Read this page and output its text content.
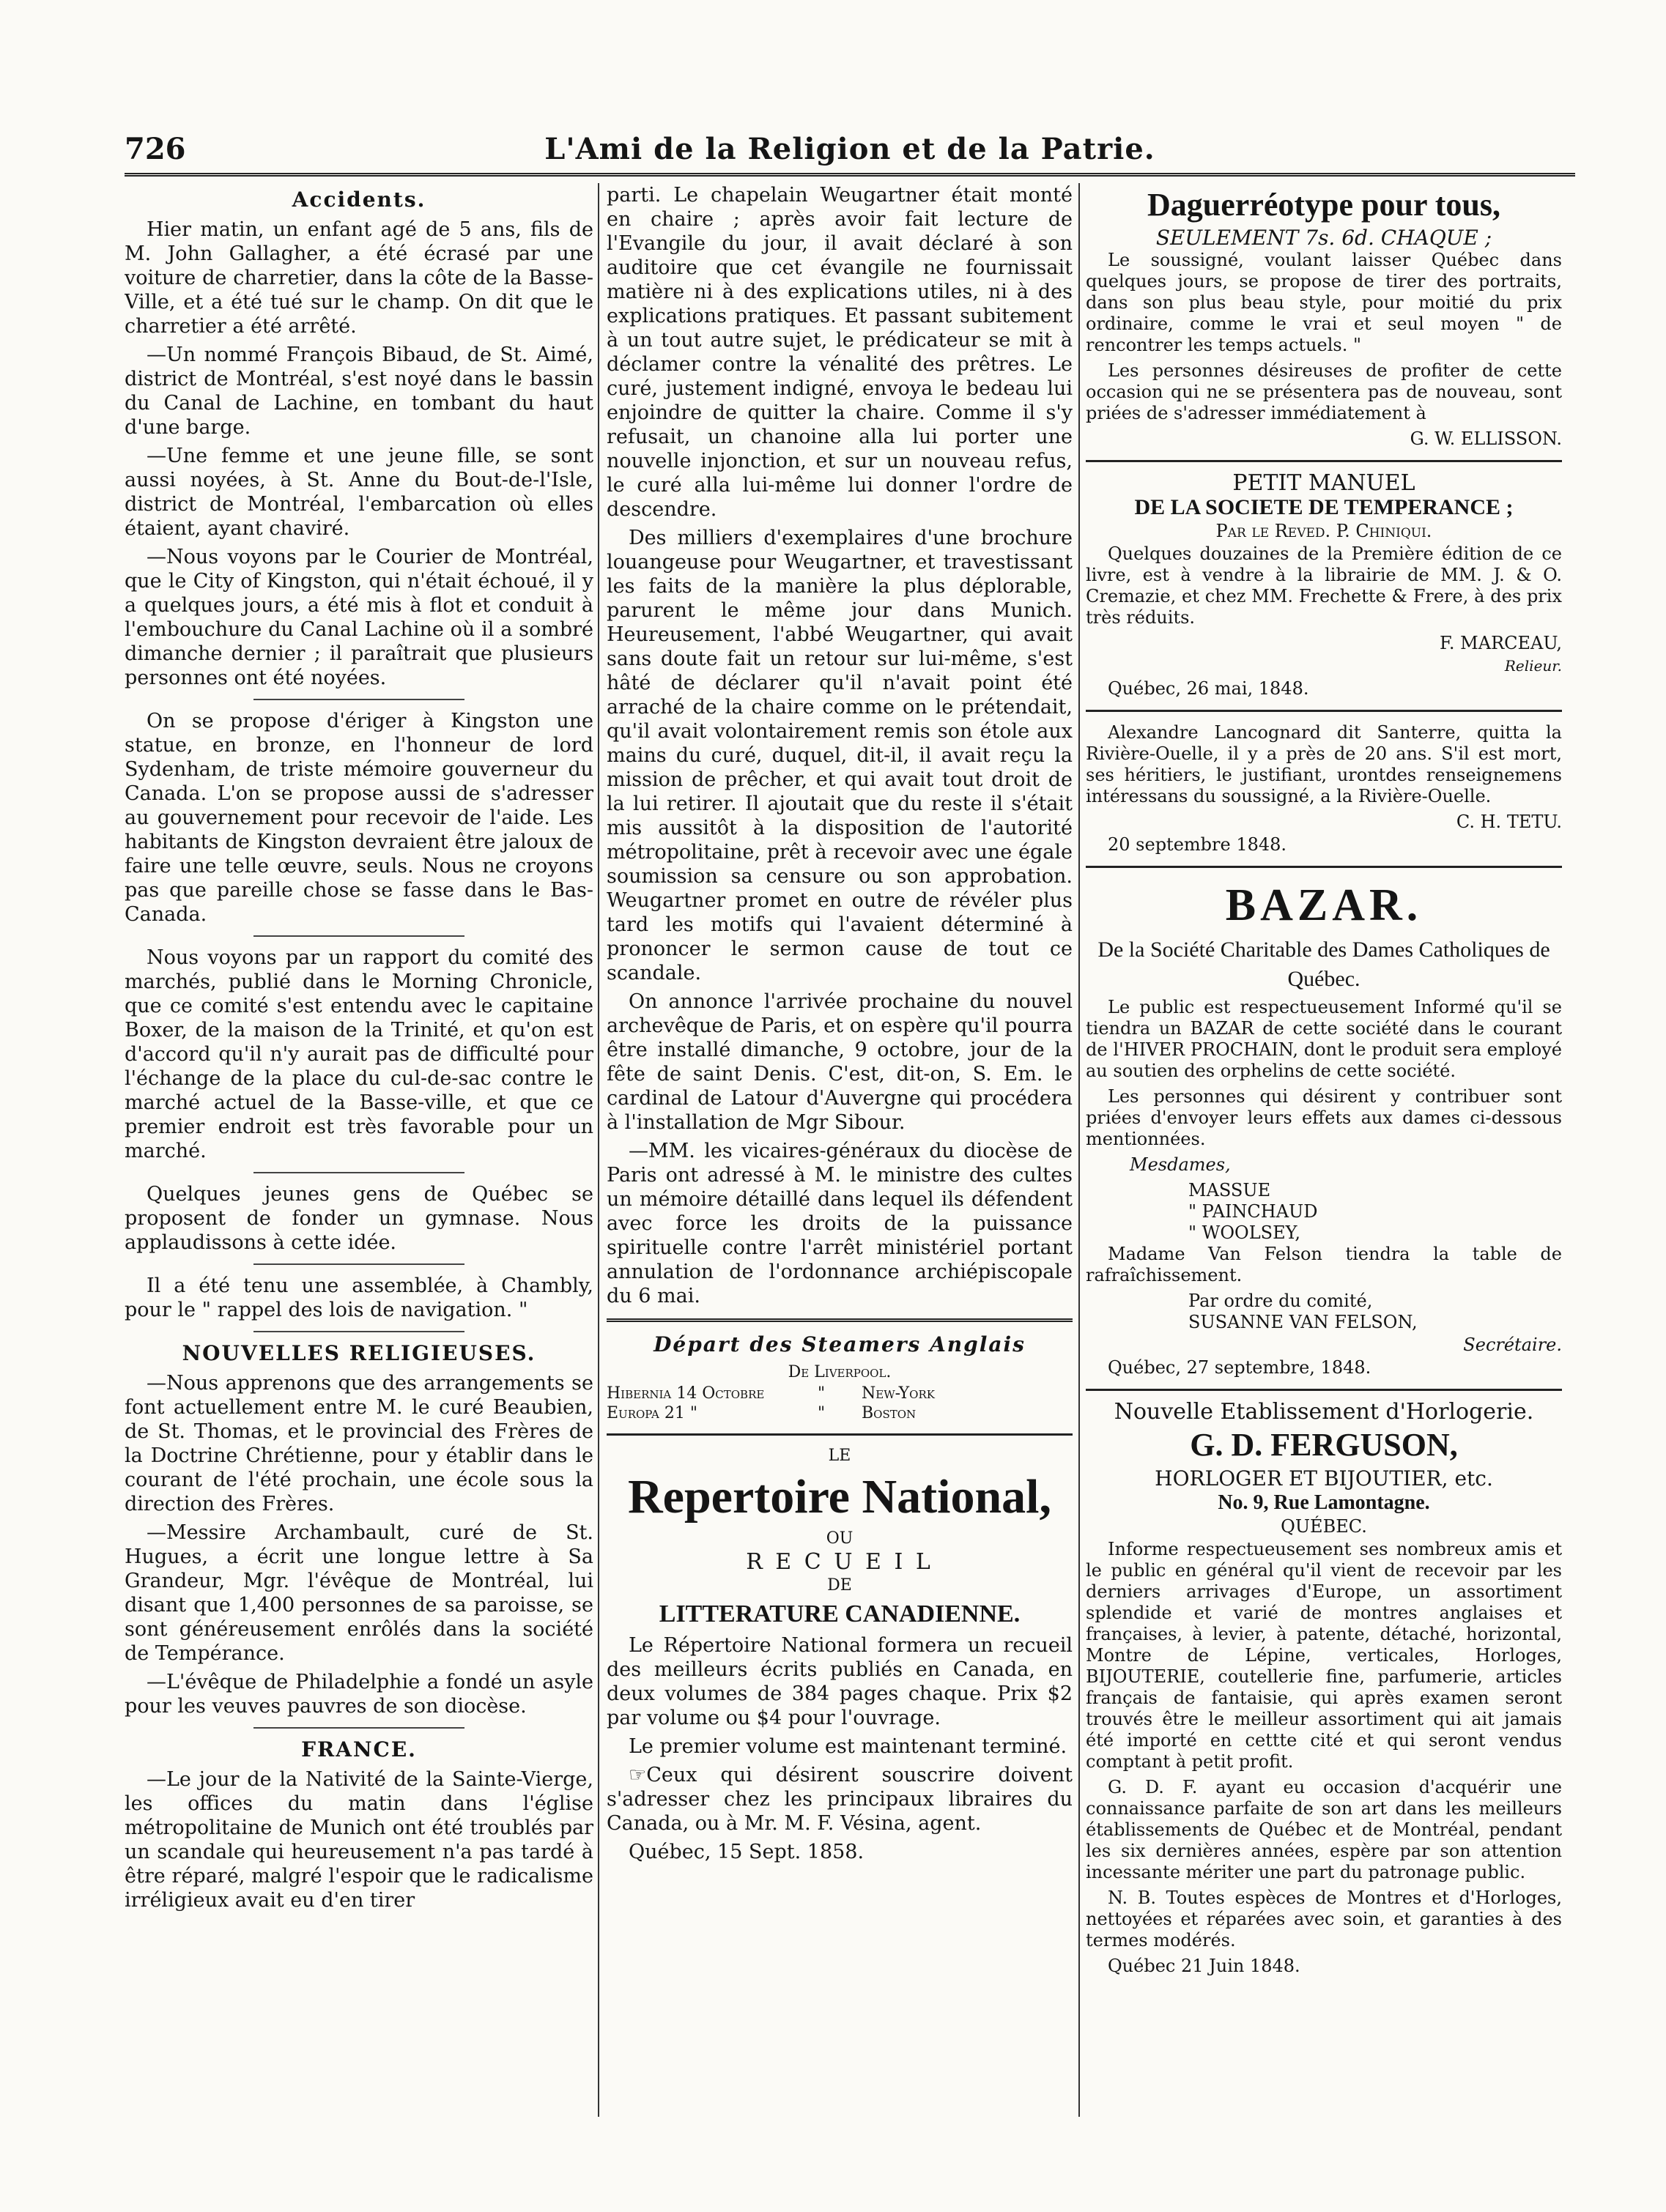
726	L'Ami de la Religion et de la Patrie.
Accidents.

Hier matin, un enfant agé de 5 ans, fils de M. John Gallagher, a été écrasé par une voiture de charretier, dans la côte de la Basse-Ville, et a été tué sur le champ. On dit que le charretier a été arrêté.

—Un nommé François Bibaud, de St. Aimé, district de Montréal, s'est noyé dans le bassin du Canal de Lachine, en tombant du haut d'une barge.

—Une femme et une jeune fille, se sont aussi noyées, à St. Anne du Bout-de-l'Isle, district de Montréal, l'embarcation où elles étaient, ayant chaviré.

—Nous voyons par le Courier de Montréal, que le City of Kingston, qui n'était échoué, il y a quelques jours, a été mis à flot et conduit à l'embouchure du Canal Lachine où il a sombré dimanche dernier ; il paraîtrait que plusieurs personnes ont été noyées.

On se propose d'ériger à Kingston une statue, en bronze, en l'honneur de lord Sydenham, de triste mémoire gouverneur du Canada. L'on se propose aussi de s'adresser au gouvernement pour recevoir de l'aide. Les habitants de Kingston devraient être jaloux de faire une telle œuvre, seuls. Nous ne croyons pas que pareille chose se fasse dans le Bas-Canada.

Nous voyons par un rapport du comité des marchés, publié dans le Morning Chronicle, que ce comité s'est entendu avec le capitaine Boxer, de la maison de la Trinité, et qu'on est d'accord qu'il n'y aurait pas de difficulté pour l'échange de la place du cul-de-sac contre le marché actuel de la Basse-ville, et que ce premier endroit est très favorable pour un marché.

Quelques jeunes gens de Québec se proposent de fonder un gymnase. Nous applaudissons à cette idée.

Il a été tenu une assemblée, à Chambly, pour le " rappel des lois de navigation. "

NOUVELLES RELIGIEUSES.

—Nous apprenons que des arrangements se font actuellement entre M. le curé Beaubien, de St. Thomas, et le provincial des Frères de la Doctrine Chrétienne, pour y établir dans le courant de l'été prochain, une école sous la direction des Frères.

—Messire Archambault, curé de St. Hugues, a écrit une longue lettre à Sa Grandeur, Mgr. l'évêque de Montréal, lui disant que 1,400 personnes de sa paroisse, se sont généreusement enrôlés dans la société de Tempérance.

—L'évêque de Philadelphie a fondé un asyle pour les veuves pauvres de son diocèse.

FRANCE.

—Le jour de la Nativité de la Sainte-Vierge, les offices du matin dans l'église métropolitaine de Munich ont été troublés par un scandale qui heureusement n'a pas tardé à être réparé, malgré l'espoir que le radicalisme irréligieux avait eu d'en tirer

parti. Le chapelain Weugartner était monté en chaire ; après avoir fait lecture de l'Evangile du jour, il avait déclaré à son auditoire que cet évangile ne fournissait matière ni à des explications utiles, ni à des explications pratiques. Et passant subitement à un tout autre sujet, le prédicateur se mit à déclamer contre la vénalité des prêtres. Le curé, justement indigné, envoya le bedeau lui enjoindre de quitter la chaire. Comme il s'y refusait, un chanoine alla lui porter une nouvelle injonction, et sur un nouveau refus, le curé alla lui-même lui donner l'ordre de descendre.

Des milliers d'exemplaires d'une brochure louangeuse pour Weugartner, et travestissant les faits de la manière la plus déplorable, parurent le même jour dans Munich. Heureusement, l'abbé Weugartner, qui avait sans doute fait un retour sur lui-même, s'est hâté de déclarer qu'il n'avait point été arraché de la chaire comme on le prétendait, qu'il avait volontairement remis son étole aux mains du curé, duquel, dit-il, il avait reçu la mission de prêcher, et qui avait tout droit de la lui retirer. Il ajoutait que du reste il s'était mis aussitôt à la disposition de l'autorité métropolitaine, prêt à recevoir avec une égale soumission sa censure ou son approbation. Weugartner promet en outre de révéler plus tard les motifs qui l'avaient déterminé à prononcer le sermon cause de tout ce scandale.

On annonce l'arrivée prochaine du nouvel archevêque de Paris, et on espère qu'il pourra être installé dimanche, 9 octobre, jour de la fête de saint Denis. C'est, dit-on, S. Em. le cardinal de Latour d'Auvergne qui procédera à l'installation de Mgr Sibour.

—MM. les vicaires-généraux du diocèse de Paris ont adressé à M. le ministre des cultes un mémoire détaillé dans lequel ils défendent avec force les droits de la puissance spirituelle contre l'arrêt ministériel portant annulation de l'ordonnance archiépiscopale du 6 mai.

Départ des Steamers Anglais
De Liverpool.
Hibernia 14 Octobre	"	New-York
Europa 21 "	"	Boston
LE
Repertoire National,
OU
R E C U E I L
DE
LITTERATURE CANADIENNE.

Le Répertoire National formera un recueil des meilleurs écrits publiés en Canada, en deux volumes de 384 pages chaque. Prix $2 par volume ou $4 pour l'ouvrage.

Le premier volume est maintenant terminé.

☞Ceux qui désirent souscrire doivent s'adresser chez les principaux libraires du Canada, ou à Mr. M. F. Vésina, agent.

Québec, 15 Sept. 1858.

Daguerréotype pour tous,
SEULEMENT 7s. 6d. CHAQUE ;

Le soussigné, voulant laisser Québec dans quelques jours, se propose de tirer des portraits, dans son plus beau style, pour moitié du prix ordinaire, comme le vrai et seul moyen " de rencontrer les temps actuels. "

Les personnes désireuses de profiter de cette occasion qui ne se présentera pas de nouveau, sont priées de s'adresser immédiatement à

G. W. ELLISSON.
PETIT MANUEL
DE LA SOCIETE DE TEMPERANCE ;
Par le Reved. P. Chiniqui.

Quelques douzaines de la Première édition de ce livre, est à vendre à la librairie de MM. J. & O. Cremazie, et chez MM. Frechette & Frere, à des prix très réduits.

F. MARCEAU,
Relieur.

Québec, 26 mai, 1848.

Alexandre Lancognard dit Santerre, quitta la Rivière-Ouelle, il y a près de 20 ans. S'il est mort, ses héritiers, le justifiant, urontdes renseignemens intéressans du soussigné, a la Rivière-Ouelle.

C. H. TETU.

20 septembre 1848.

BAZAR.
De la Société Charitable des Dames Catholiques de Québec.

Le public est respectueusement Informé qu'il se tiendra un BAZAR de cette société dans le courant de l'HIVER PROCHAIN, dont le produit sera employé au soutien des orphelins de cette société.

Les personnes qui désirent y contribuer sont priées d'envoyer leurs effets aux dames ci-dessous mentionnées.

Mesdames,

MASSUE

" PAINCHAUD

" WOOLSEY,

Madame Van Felson tiendra la table de rafraîchissement.

Par ordre du comité,

SUSANNE VAN FELSON,

Secrétaire.

Québec, 27 septembre, 1848.

Nouvelle Etablissement d'Horlogerie.
G. D. FERGUSON,
HORLOGER ET BIJOUTIER, etc.
No. 9, Rue Lamontagne.
QUÉBEC.

Informe respectueusement ses nombreux amis et le public en général qu'il vient de recevoir par les derniers arrivages d'Europe, un assortiment splendide et varié de montres anglaises et françaises, à levier, à patente, détaché, horizontal, Montre de Lépine, verticales, Horloges, BIJOUTERIE, coutellerie fine, parfumerie, articles français de fantaisie, qui après examen seront trouvés être le meilleur assortiment qui ait jamais été importé en cettte cité et qui seront vendus comptant à petit profit.

G. D. F. ayant eu occasion d'acquérir une connaissance parfaite de son art dans les meilleurs établissements de Québec et de Montréal, pendant les six dernières années, espère par son attention incessante mériter une part du patronage public.

N. B. Toutes espèces de Montres et d'Horloges, nettoyées et réparées avec soin, et garanties à des termes modérés.

Québec 21 Juin 1848.
